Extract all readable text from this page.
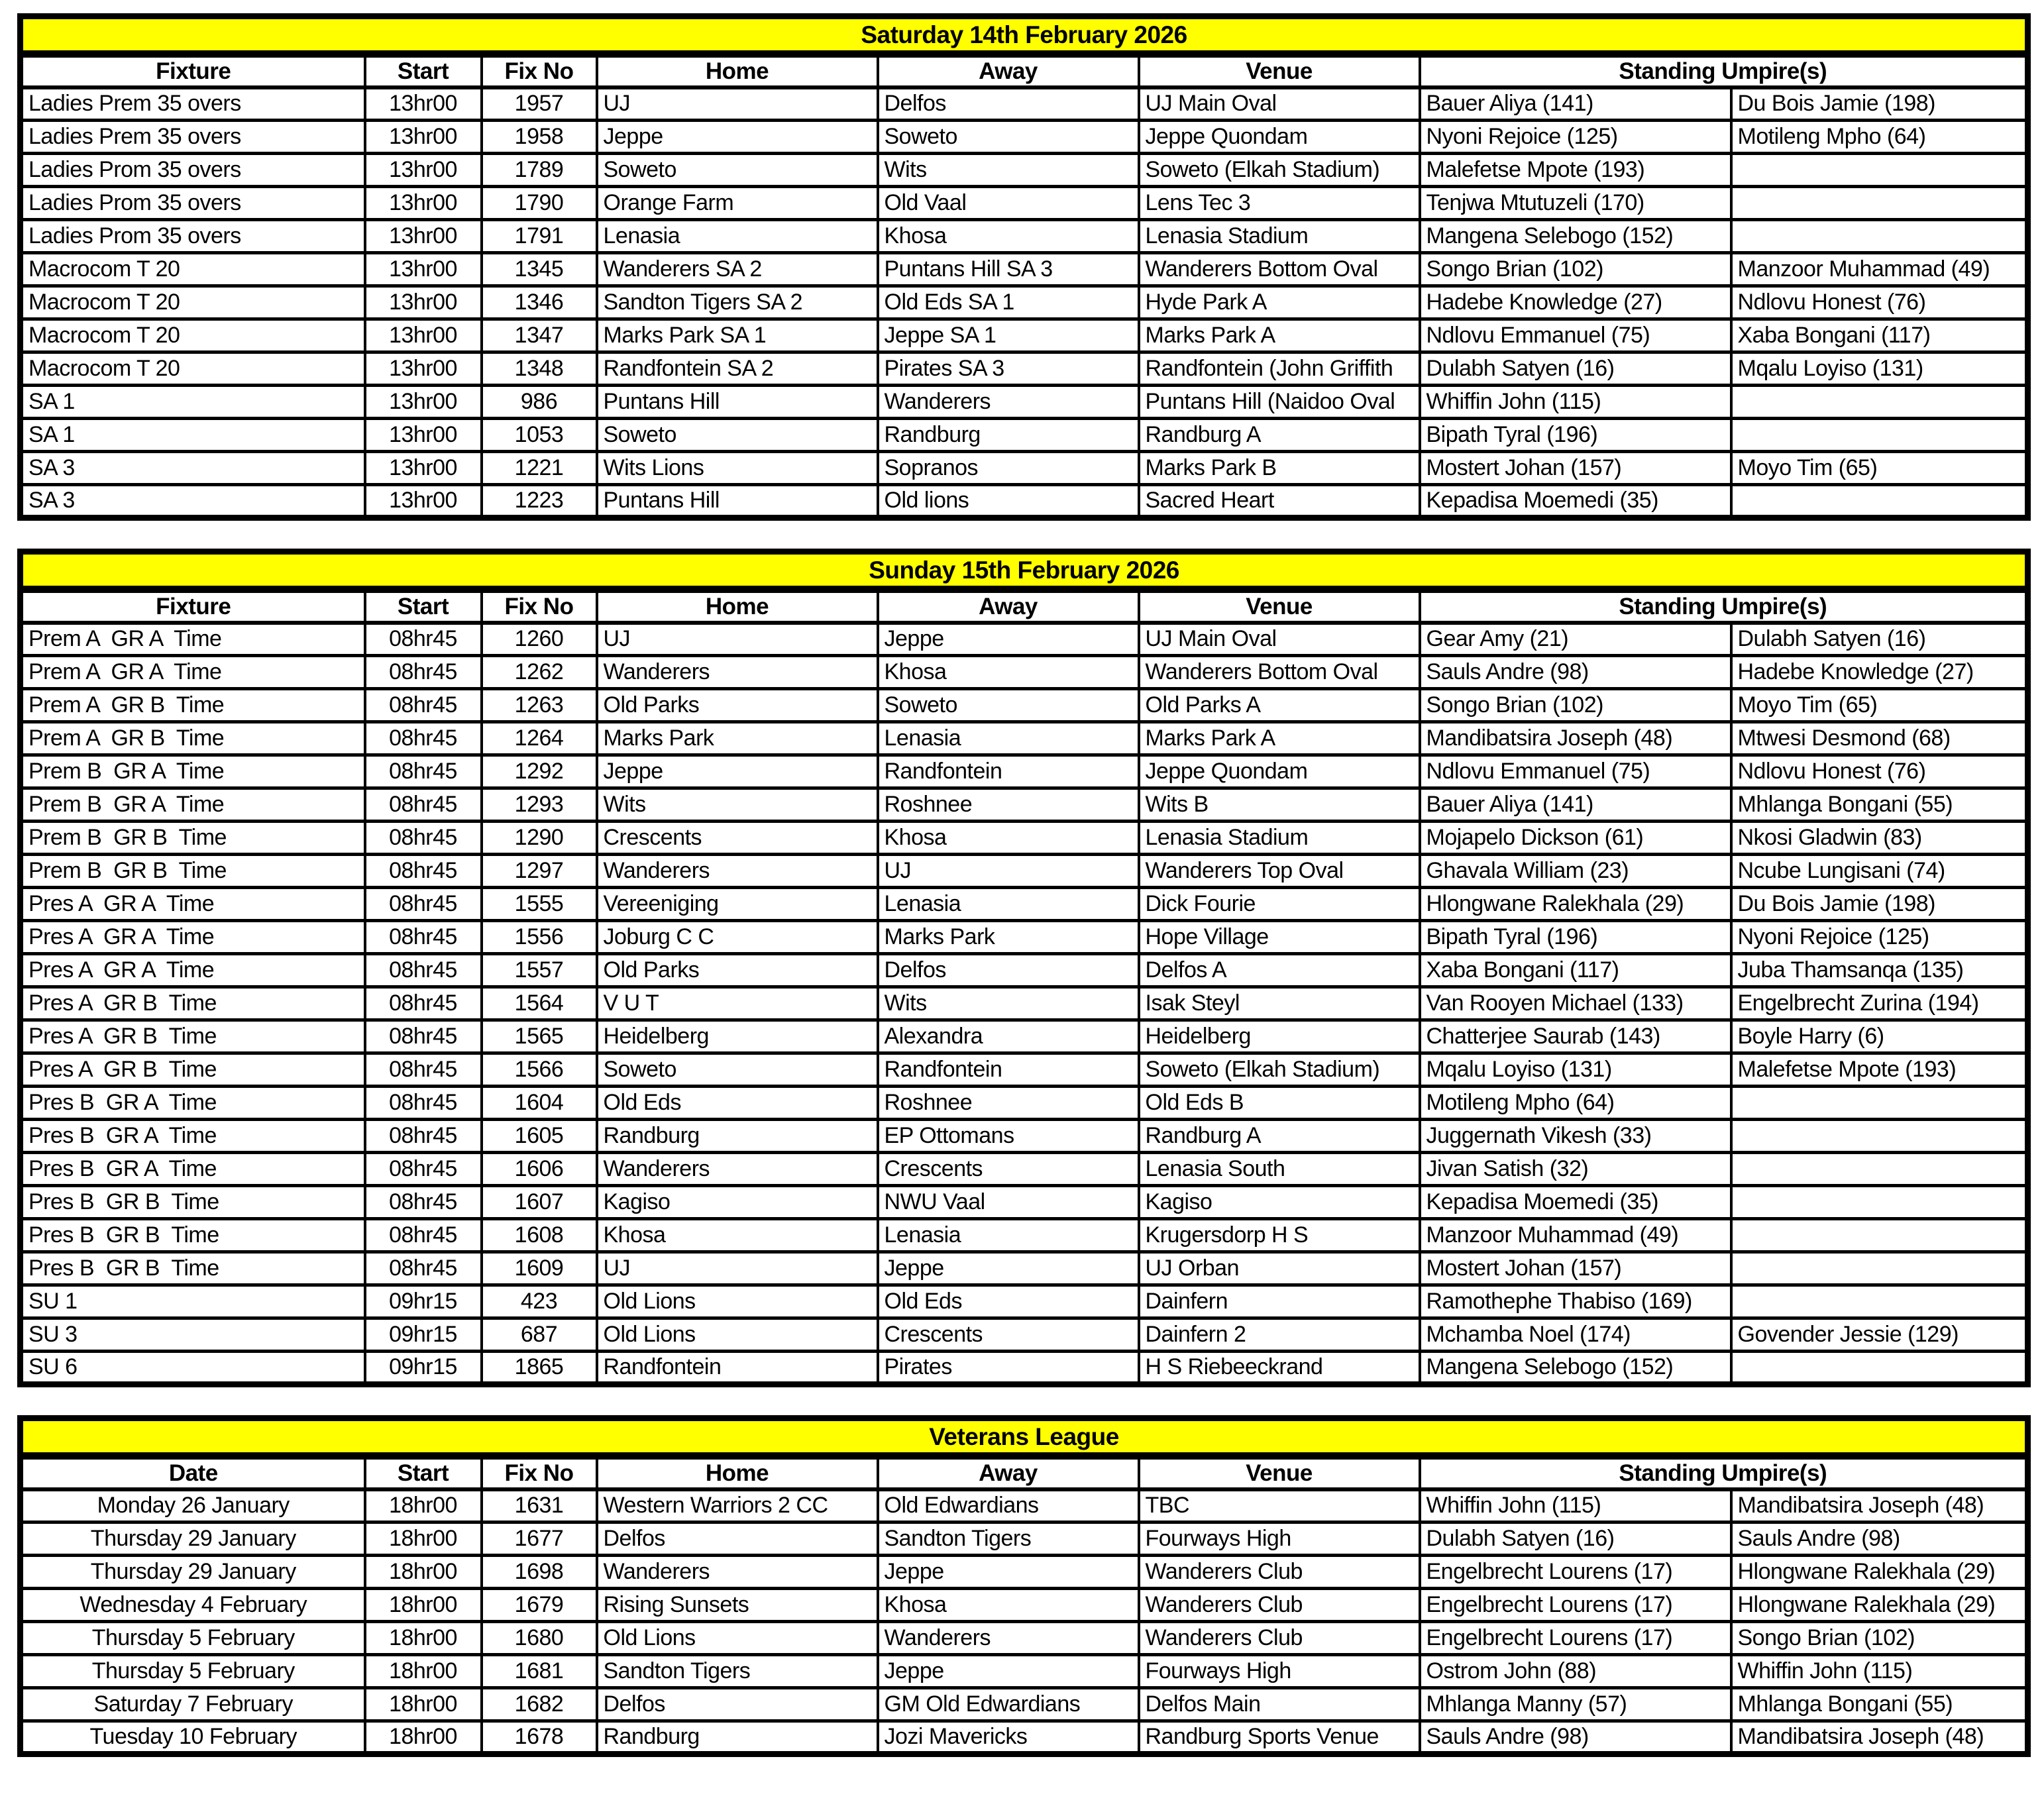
Saturday 14th February 2026							
Fixture	Start	Fix No	Home	Away	Venue	Standing Umpire(s)	
Ladies Prem 35 overs	13hr00	1957	UJ	Delfos	UJ Main Oval	Bauer Aliya (141)	Du Bois Jamie (198)
Ladies Prem 35 overs	13hr00	1958	Jeppe	Soweto	Jeppe Quondam	Nyoni Rejoice (125)	Motileng Mpho (64)
Ladies Prom 35 overs	13hr00	1789	Soweto	Wits	Soweto (Elkah Stadium)	Malefetse Mpote (193)	
Ladies Prom 35 overs	13hr00	1790	Orange Farm	Old Vaal	Lens Tec 3	Tenjwa Mtutuzeli (170)	
Ladies Prom 35 overs	13hr00	1791	Lenasia	Khosa	Lenasia Stadium	Mangena Selebogo (152)	
Macrocom T 20	13hr00	1345	Wanderers SA 2	Puntans Hill SA 3	Wanderers Bottom Oval	Songo Brian (102)	Manzoor Muhammad (49)
Macrocom T 20	13hr00	1346	Sandton Tigers SA 2	Old Eds SA 1	Hyde Park A	Hadebe Knowledge (27)	Ndlovu Honest (76)
Macrocom T 20	13hr00	1347	Marks Park SA 1	Jeppe SA 1	Marks Park A	Ndlovu Emmanuel (75)	Xaba Bongani (117)
Macrocom T 20	13hr00	1348	Randfontein SA 2	Pirates SA 3	Randfontein (John Griffith	Dulabh Satyen (16)	Mqalu Loyiso (131)
SA 1	13hr00	986	Puntans Hill	Wanderers	Puntans Hill (Naidoo Oval	Whiffin John (115)	
SA 1	13hr00	1053	Soweto	Randburg	Randburg A	Bipath Tyral (196)	
SA 3	13hr00	1221	Wits Lions	Sopranos	Marks Park B	Mostert Johan (157)	Moyo Tim (65)
SA 3	13hr00	1223	Puntans Hill	Old lions	Sacred Heart	Kepadisa Moemedi (35)	
Sunday 15th February 2026							
Fixture	Start	Fix No	Home	Away	Venue	Standing Umpire(s)	
Prem A  GR A  Time	08hr45	1260	UJ	Jeppe	UJ Main Oval	Gear Amy (21)	Dulabh Satyen (16)
Prem A  GR A  Time	08hr45	1262	Wanderers	Khosa	Wanderers Bottom Oval	Sauls Andre (98)	Hadebe Knowledge (27)
Prem A  GR B  Time	08hr45	1263	Old Parks	Soweto	Old Parks A	Songo Brian (102)	Moyo Tim (65)
Prem A  GR B  Time	08hr45	1264	Marks Park	Lenasia	Marks Park A	Mandibatsira Joseph (48)	Mtwesi Desmond (68)
Prem B  GR A  Time	08hr45	1292	Jeppe	Randfontein	Jeppe Quondam	Ndlovu Emmanuel (75)	Ndlovu Honest (76)
Prem B  GR A  Time	08hr45	1293	Wits	Roshnee	Wits B	Bauer Aliya (141)	Mhlanga Bongani (55)
Prem B  GR B  Time	08hr45	1290	Crescents	Khosa	Lenasia Stadium	Mojapelo Dickson (61)	Nkosi Gladwin (83)
Prem B  GR B  Time	08hr45	1297	Wanderers	UJ	Wanderers Top Oval	Ghavala William (23)	Ncube Lungisani (74)
Pres A  GR A  Time	08hr45	1555	Vereeniging	Lenasia	Dick Fourie	Hlongwane Ralekhala (29)	Du Bois Jamie (198)
Pres A  GR A  Time	08hr45	1556	Joburg C C	Marks Park	Hope Village	Bipath Tyral (196)	Nyoni Rejoice (125)
Pres A  GR A  Time	08hr45	1557	Old Parks	Delfos	Delfos A	Xaba Bongani (117)	Juba Thamsanqa (135)
Pres A  GR B  Time	08hr45	1564	V U T	Wits	Isak Steyl	Van Rooyen Michael (133)	Engelbrecht Zurina (194)
Pres A  GR B  Time	08hr45	1565	Heidelberg	Alexandra	Heidelberg	Chatterjee Saurab (143)	Boyle Harry (6)
Pres A  GR B  Time	08hr45	1566	Soweto	Randfontein	Soweto (Elkah Stadium)	Mqalu Loyiso (131)	Malefetse Mpote (193)
Pres B  GR A  Time	08hr45	1604	Old Eds	Roshnee	Old Eds B	Motileng Mpho (64)	
Pres B  GR A  Time	08hr45	1605	Randburg	EP Ottomans	Randburg A	Juggernath Vikesh (33)	
Pres B  GR A  Time	08hr45	1606	Wanderers	Crescents	Lenasia South	Jivan Satish (32)	
Pres B  GR B  Time	08hr45	1607	Kagiso	NWU Vaal	Kagiso	Kepadisa Moemedi (35)	
Pres B  GR B  Time	08hr45	1608	Khosa	Lenasia	Krugersdorp H S	Manzoor Muhammad (49)	
Pres B  GR B  Time	08hr45	1609	UJ	Jeppe	UJ Orban	Mostert Johan (157)	
SU 1	09hr15	423	Old Lions	Old Eds	Dainfern	Ramothephe Thabiso (169)	
SU 3	09hr15	687	Old Lions	Crescents	Dainfern 2	Mchamba Noel (174)	Govender Jessie (129)
SU 6	09hr15	1865	Randfontein	Pirates	H S Riebeeckrand	Mangena Selebogo (152)	
Veterans League							
Date	Start	Fix No	Home	Away	Venue	Standing Umpire(s)	
Monday 26 January	18hr00	1631	Western Warriors 2 CC	Old Edwardians	TBC	Whiffin John (115)	Mandibatsira Joseph (48)
Thursday 29 January	18hr00	1677	Delfos	Sandton Tigers	Fourways High	Dulabh Satyen (16)	Sauls Andre (98)
Thursday 29 January	18hr00	1698	Wanderers	Jeppe	Wanderers Club	Engelbrecht Lourens (17)	Hlongwane Ralekhala (29)
Wednesday 4 February	18hr00	1679	Rising Sunsets	Khosa	Wanderers Club	Engelbrecht Lourens (17)	Hlongwane Ralekhala (29)
Thursday 5 February	18hr00	1680	Old Lions	Wanderers	Wanderers Club	Engelbrecht Lourens (17)	Songo Brian (102)
Thursday 5 February	18hr00	1681	Sandton Tigers	Jeppe	Fourways High	Ostrom John (88)	Whiffin John (115)
Saturday 7 February	18hr00	1682	Delfos	GM Old Edwardians	Delfos Main	Mhlanga Manny (57)	Mhlanga Bongani (55)
Tuesday 10 February	18hr00	1678	Randburg	Jozi Mavericks	Randburg Sports Venue	Sauls Andre (98)	Mandibatsira Joseph (48)
